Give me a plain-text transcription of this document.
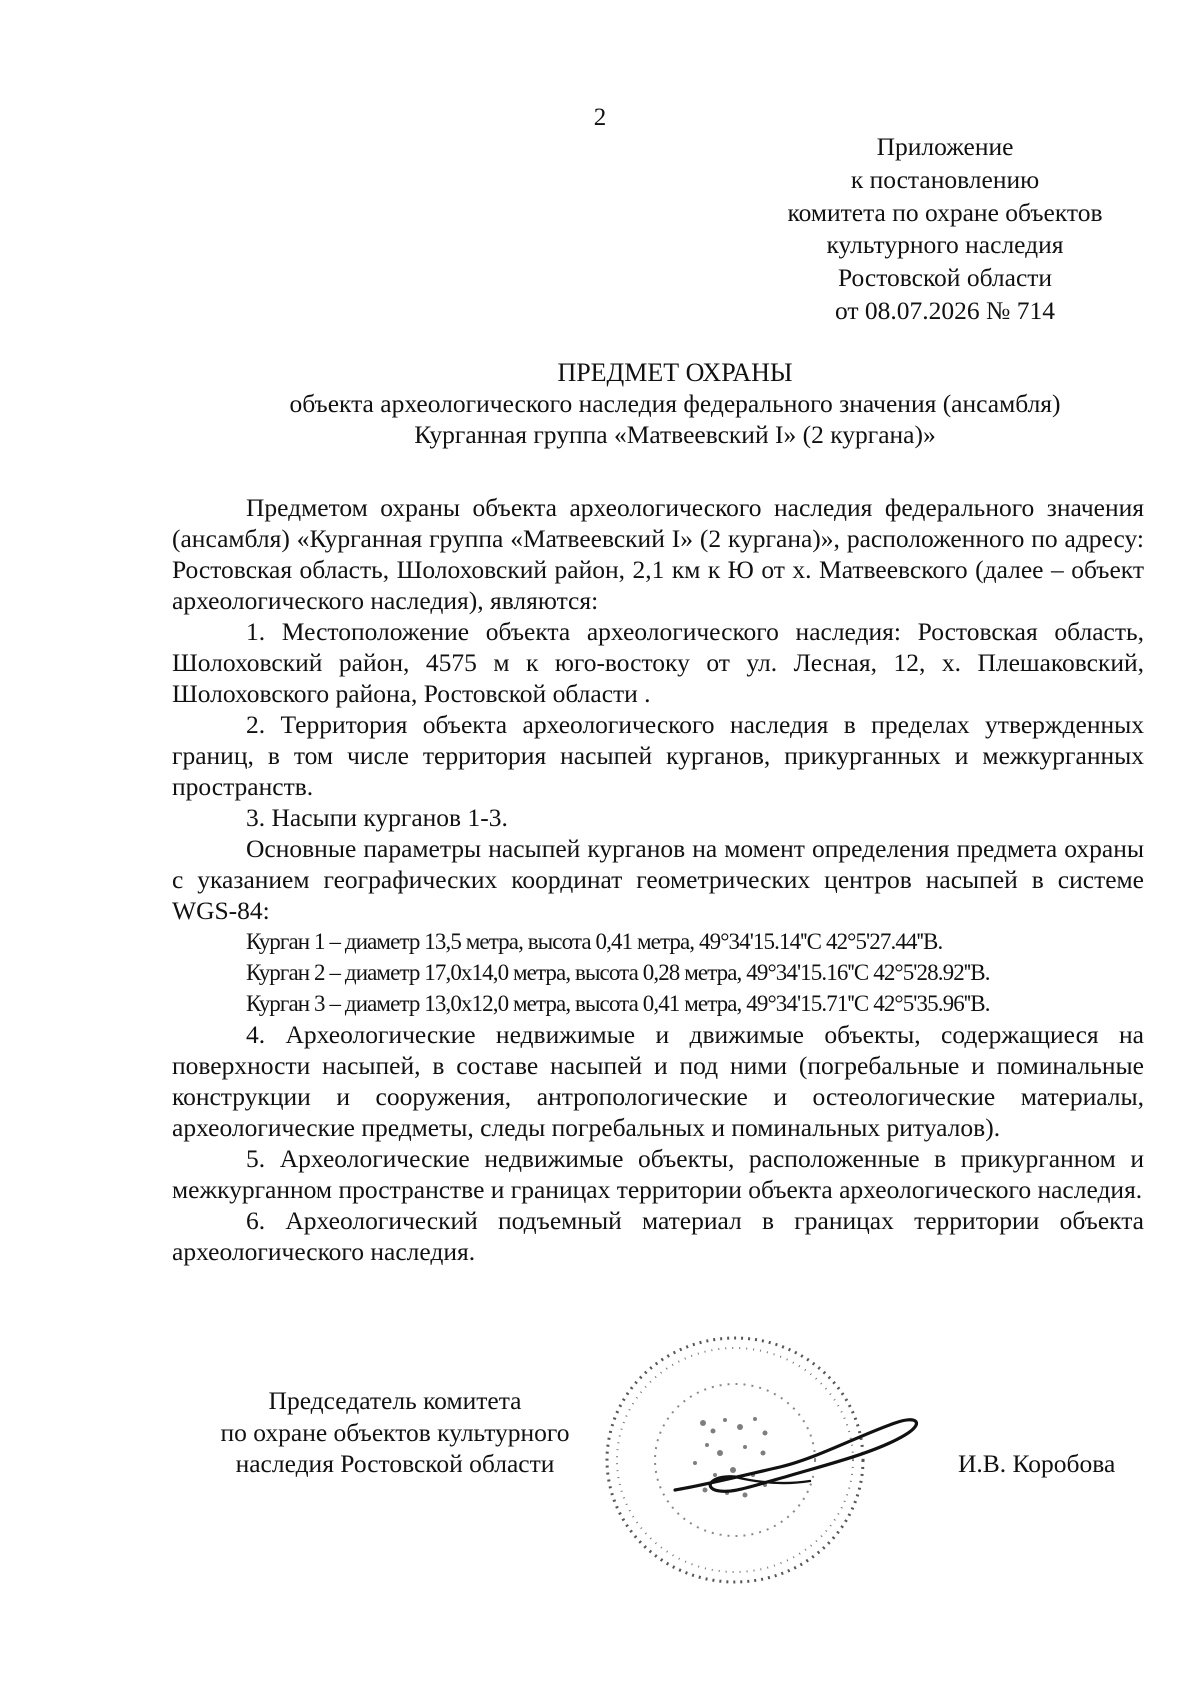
2
Приложение
к постановлению
комитета по охране объектов
культурного наследия
Ростовской области
от 08.07.2026 № 714
ПРЕДМЕТ ОХРАНЫ
объекта археологического наследия федерального значения (ансамбля)
Курганная группа «Матвеевский I» (2 кургана)»

Предметом охраны объекта археологического наследия федерального значения (ансамбля) «Курганная группа «Матвеевский I» (2 кургана)», расположенного по адресу: Ростовская область, Шолоховский район, 2,1 км к Ю от х. Матвеевского (далее – объект археологического наследия), являются:

1. Местоположение объекта археологического наследия: Ростовская область, Шолоховский район, 4575 м к юго-востоку от ул. Лесная, 12, х. Плешаковский, Шолоховского района, Ростовской области .

2. Территория объекта археологического наследия в пределах утвержденных границ, в том числе территория насыпей курганов, прикурганных и межкурганных пространств.

3. Насыпи курганов 1-3.

Основные параметры насыпей курганов на момент определения предмета охраны с указанием географических координат геометрических центров насыпей в системе WGS-84:

Курган 1 – диаметр 13,5 метра, высота 0,41 метра, 49°34'15.14''С 42°5'27.44''В.

Курган 2 – диаметр 17,0x14,0 метра, высота 0,28 метра, 49°34'15.16''С 42°5'28.92''В.

Курган 3 – диаметр 13,0x12,0 метра, высота 0,41 метра, 49°34'15.71''С 42°5'35.96''В.

4. Археологические недвижимые и движимые объекты, содержащиеся на поверхности насыпей, в составе насыпей и под ними (погребальные и поминальные конструкции и сооружения, антропологические и остеологические материалы, археологические предметы, следы погребальных и поминальных ритуалов).

5. Археологические недвижимые объекты, расположенные в прикурганном и межкурганном пространстве и границах территории объекта археологического наследия.

6. Археологический подъемный материал в границах территории объекта археологического наследия.

Председатель комитета
по охране объектов культурного
наследия Ростовской области	И.В. Коробова
